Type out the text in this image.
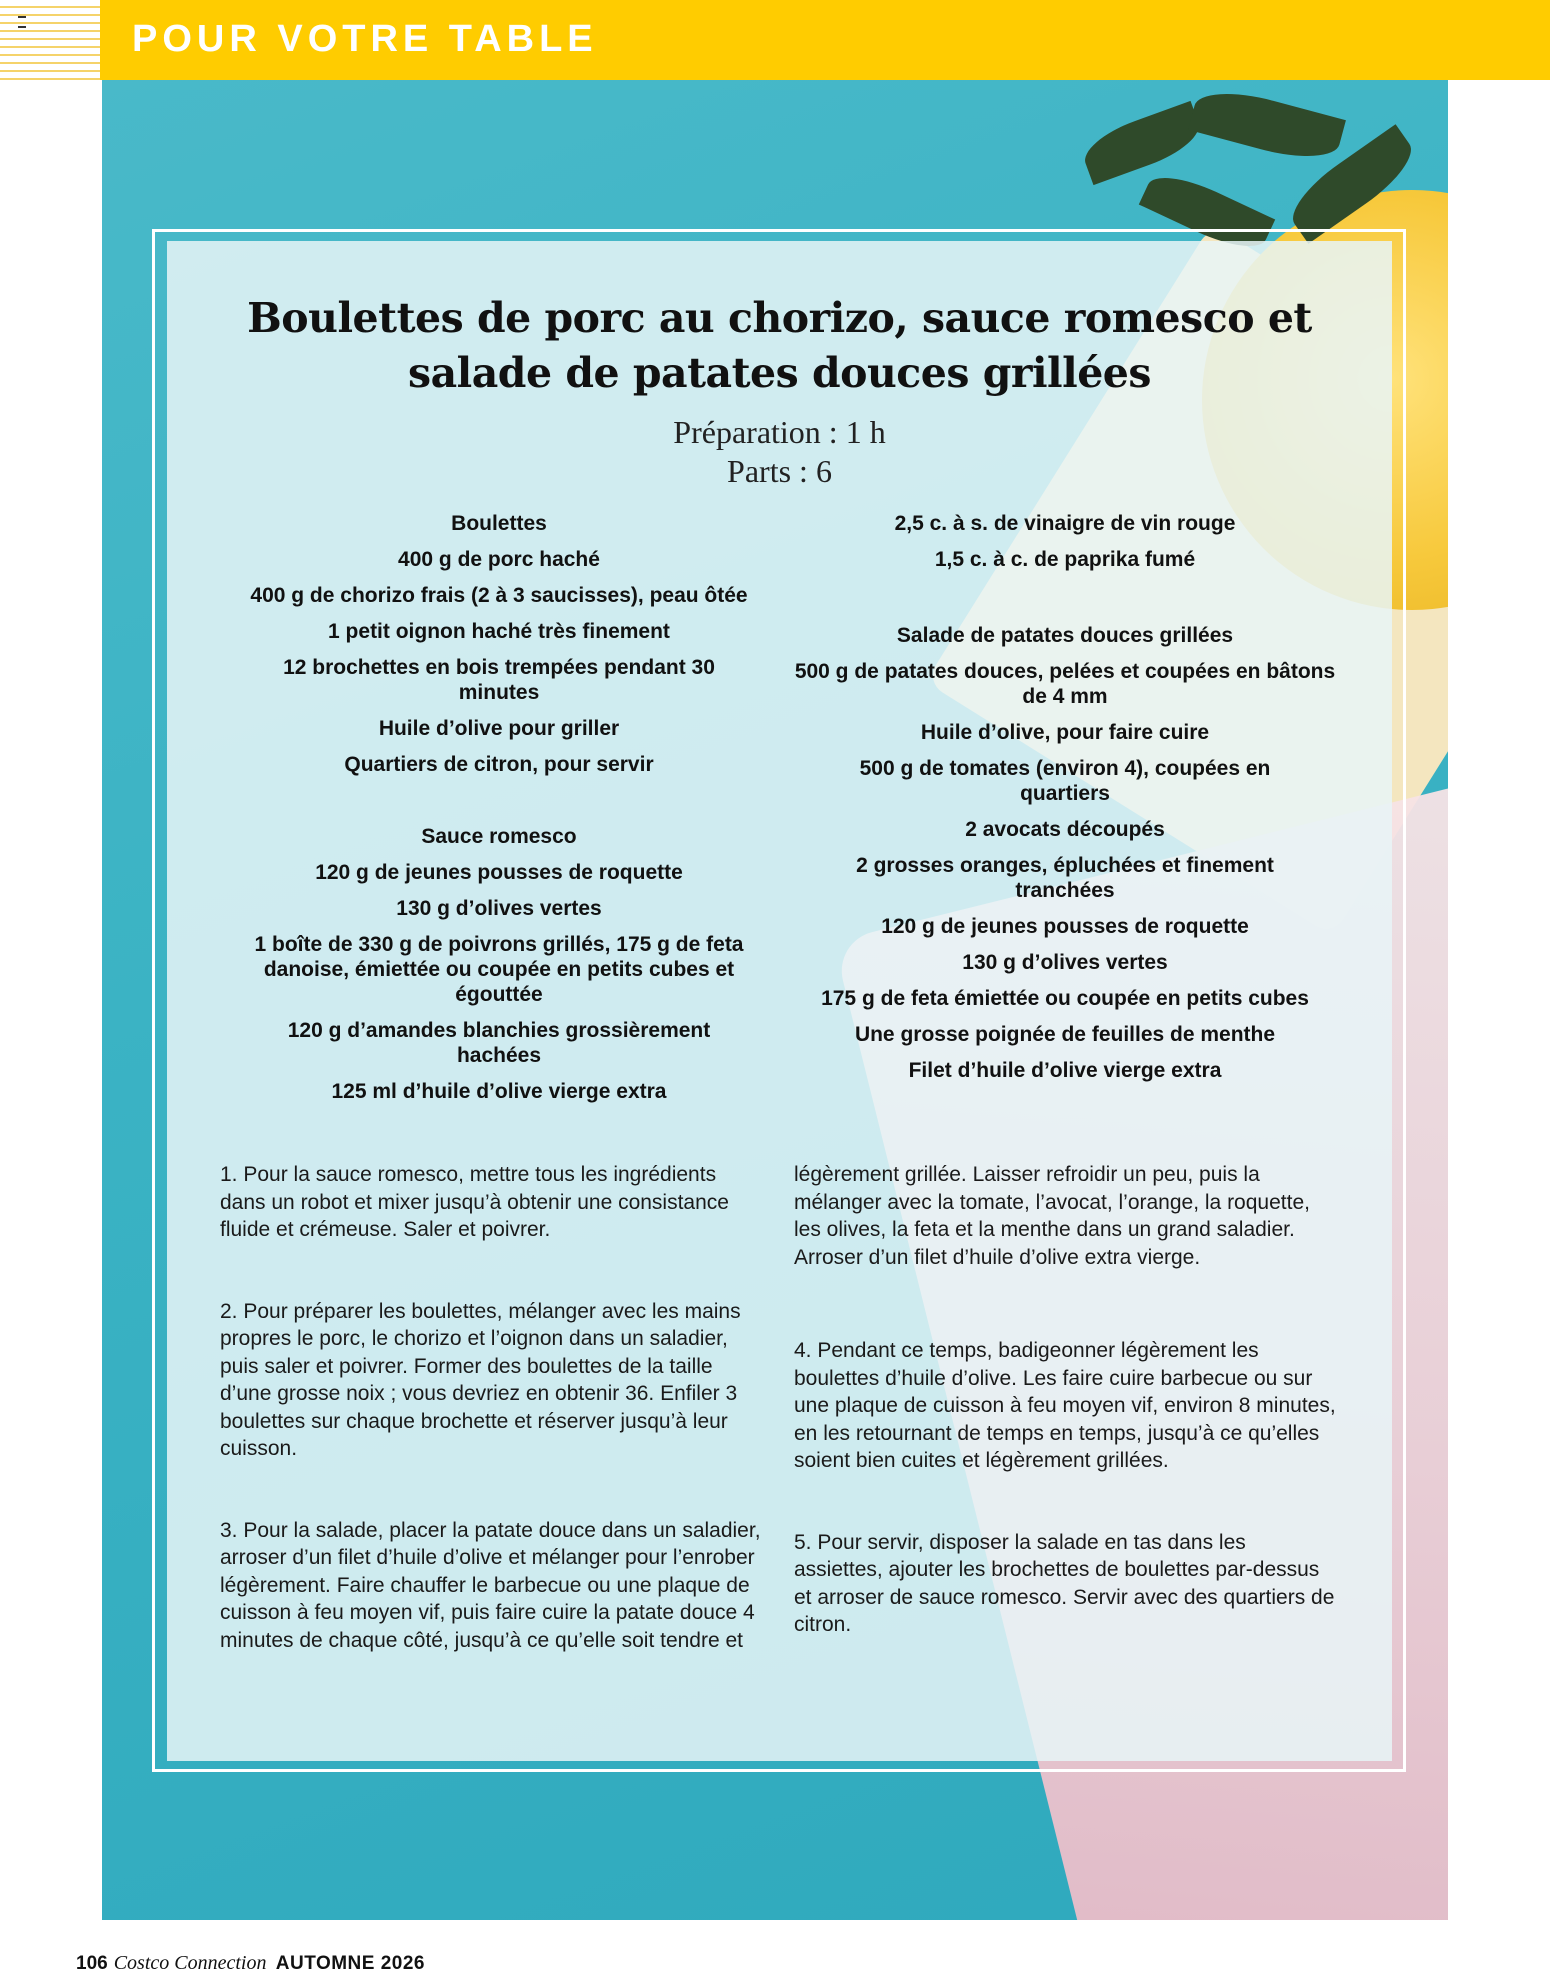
POUR VOTRE TABLE
Boulettes de porc au chorizo, sauce romesco et
salade de patates douces grillées
Préparation : 1 h
Parts : 6
Boulettes
400 g de porc haché
400 g de chorizo frais (2 à 3 saucisses), peau ôtée
1 petit oignon haché très finement
12 brochettes en bois trempées pendant 30 minutes
Huile d’olive pour griller
Quartiers de citron, pour servir
Sauce romesco
120 g de jeunes pousses de roquette
130 g d’olives vertes
1 boîte de 330 g de poivrons grillés, 175 g de feta danoise, émiettée ou coupée en petits cubes et égouttée
120 g d’amandes blanchies grossièrement hachées
125 ml d’huile d’olive vierge extra
2,5 c. à s. de vinaigre de vin rouge
1,5 c. à c. de paprika fumé
Salade de patates douces grillées
500 g de patates douces, pelées et coupées en bâtons de 4 mm
Huile d’olive, pour faire cuire
500 g de tomates (environ 4), coupées en quartiers
2 avocats découpés
2 grosses oranges, épluchées et finement tranchées
120 g de jeunes pousses de roquette
130 g d’olives vertes
175 g de feta émiettée ou coupée en petits cubes
Une grosse poignée de feuilles de menthe
Filet d’huile d’olive vierge extra

1. Pour la sauce romesco, mettre tous les ingrédients dans un robot et mixer jusqu’à obtenir une consistance fluide et crémeuse. Saler et poivrer.

2. Pour préparer les boulettes, mélanger avec les mains propres le porc, le chorizo et l’oignon dans un saladier, puis saler et poivrer. Former des boulettes de la taille d’une grosse noix ; vous devriez en obtenir 36. Enfiler 3 boulettes sur chaque brochette et réserver jusqu’à leur cuisson.

3. Pour la salade, placer la patate douce dans un saladier, arroser d’un filet d’huile d’olive et mélanger pour l’enrober légèrement. Faire chauffer le barbecue ou une plaque de cuisson à feu moyen vif, puis faire cuire la patate douce 4 minutes de chaque côté, jusqu’à ce qu’elle soit tendre et

légèrement grillée. Laisser refroidir un peu, puis la mélanger avec la tomate, l’avocat, l’orange, la roquette, les olives, la feta et la menthe dans un grand saladier. Arroser d’un filet d’huile d’olive extra vierge.

4. Pendant ce temps, badigeonner légèrement les boulettes d’huile d’olive. Les faire cuire barbecue ou sur une plaque de cuisson à feu moyen vif, environ 8 minutes, en les retournant de temps en temps, jusqu’à ce qu’elles soient bien cuites et légèrement grillées.

5. Pour servir, disposer la salade en tas dans les assiettes, ajouter les brochettes de boulettes par-dessus et arroser de sauce romesco. Servir avec des quartiers de citron.

106 Costco Connection AUTOMNE 2026
